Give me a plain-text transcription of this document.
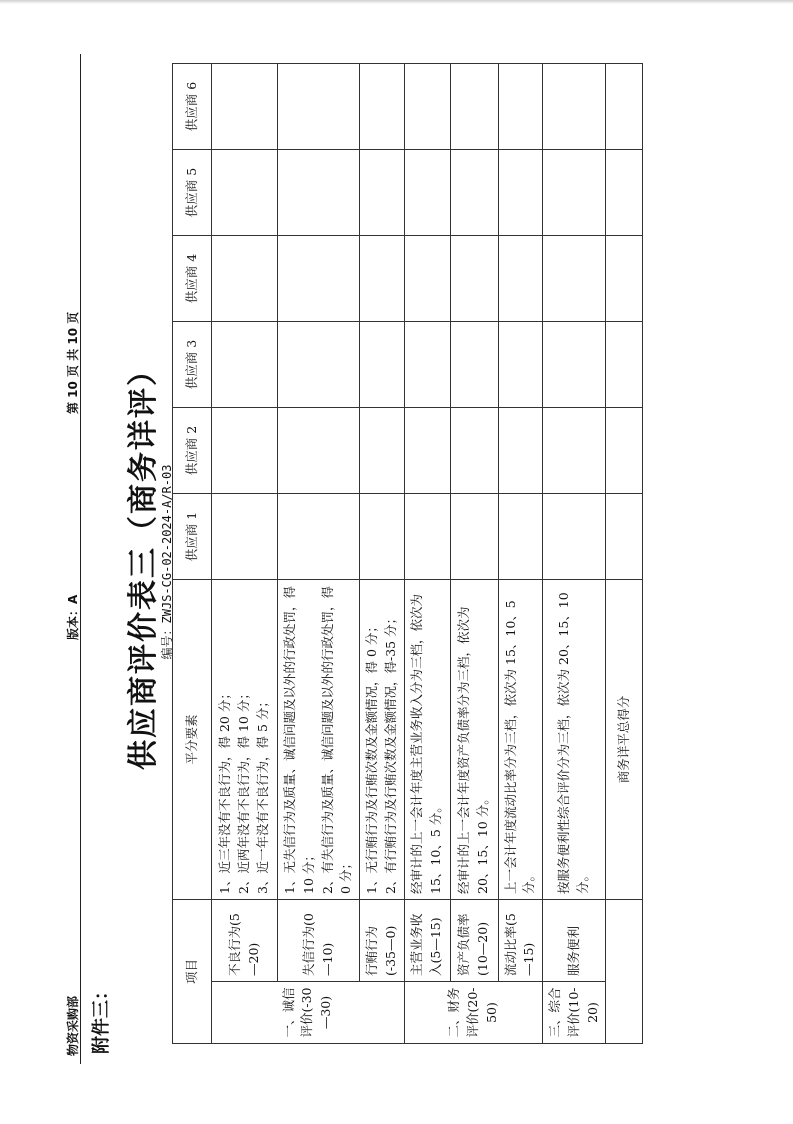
物资采购部
版本：A
第 10 页 共 10 页
附件三：
供应商评价表三（商务详评） 编号：ZWJS-CG-02-2024-A/R-03
项目		平分要素	供应商 1	供应商 2	供应商 3	供应商 4	供应商 5	供应商 6
一、诚信评价(-30—30)	不良行为(5—20)	1、近三年没有不良行为，得 20 分；
2、近两年没有不良行为，得 10 分；
3、近一年没有不良行为，得 5 分；						
	失信行为(0—10)	1、无失信行为及质量、诚信问题及以外的行政处罚，得 10 分；
2、有失信行为及质量、诚信问题及以外的行政处罚，得 0 分；						
	行贿行为(-35—0)	1、无行贿行为及行贿次数及金额情况，得 0 分；
2、有行贿行为及行贿次数及金额情况，得-35 分；						
二、财务评价(20-50)	主营业务收入(5—15)	经审计的上一会计年度主营业务收入分为三档，依次为 15、10、5 分。						
	资产负债率(10—20)	经审计的上一会计年度资产负债率分为三档，依次为 20、15、10 分。						
	流动比率(5—15)	上一会计年度流动比率分为三档，依次为 15、10、5 分。						
三、综合评价(10-20)	服务便利	按服务便利性综合评价分为三档，依次为 20、15、10 分。						
		商务详平总得分						
